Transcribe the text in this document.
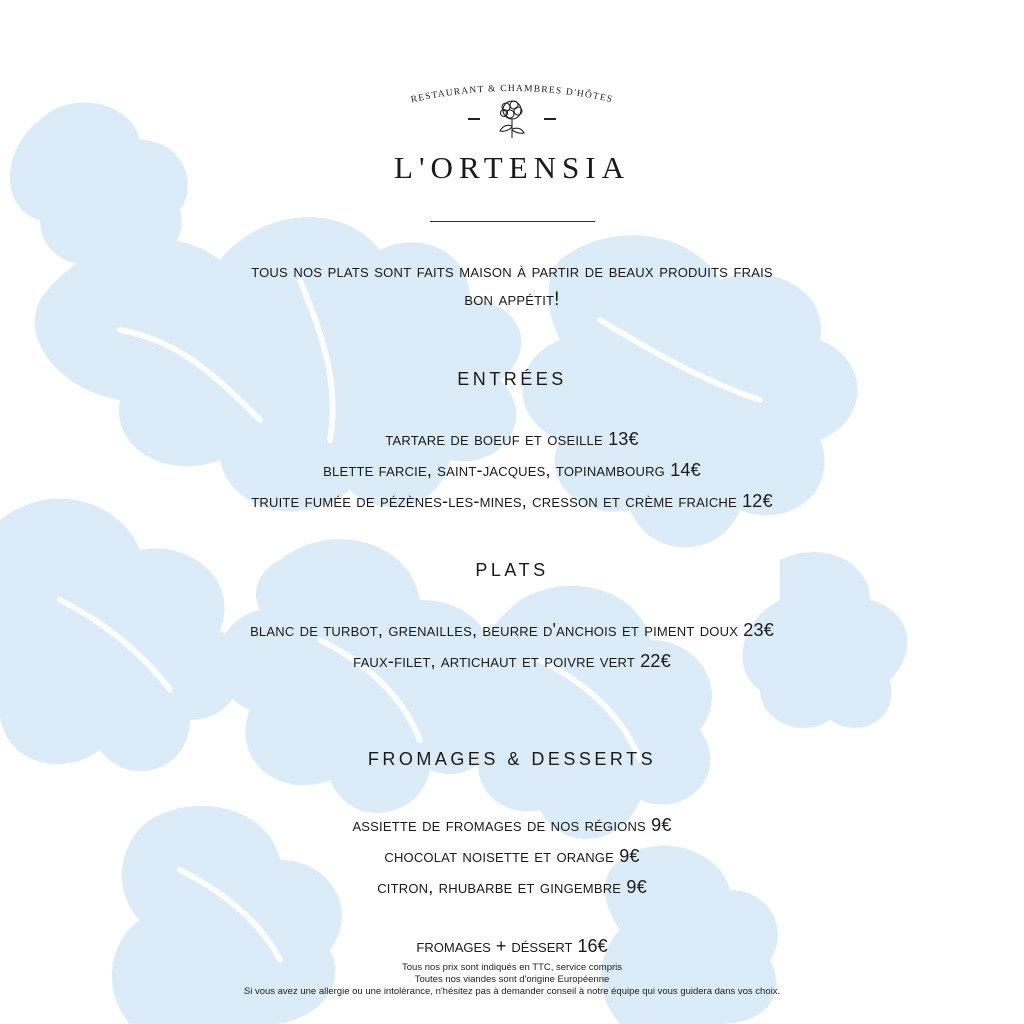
RESTAURANT & CHAMBRES D'HÔTES
L'ORTENSIA
tous nos plats sont faits maison à partir de beaux produits frais
bon appétit!
ENTRÉES
tartare de boeuf et oseille 13€
blette farcie, saint-jacques, topinambourg 14€
truite fumée de pézènes-les-mines, cresson et crème fraiche 12€
PLATS
blanc de turbot, grenailles, beurre d'anchois et piment doux 23€
faux-filet, artichaut et poivre vert 22€
FROMAGES & DESSERTS
assiette de fromages de nos régions 9€
chocolat noisette et orange 9€
citron, rhubarbe et gingembre 9€
fromages + déssert 16€
Tous nos prix sont indiqués en TTC, service compris
Toutes nos viandes sont d'origine Européenne
Si vous avez une allergie ou une intolérance, n'hésitez pas à demander conseil à notre équipe qui vous guidera dans vos choix.
